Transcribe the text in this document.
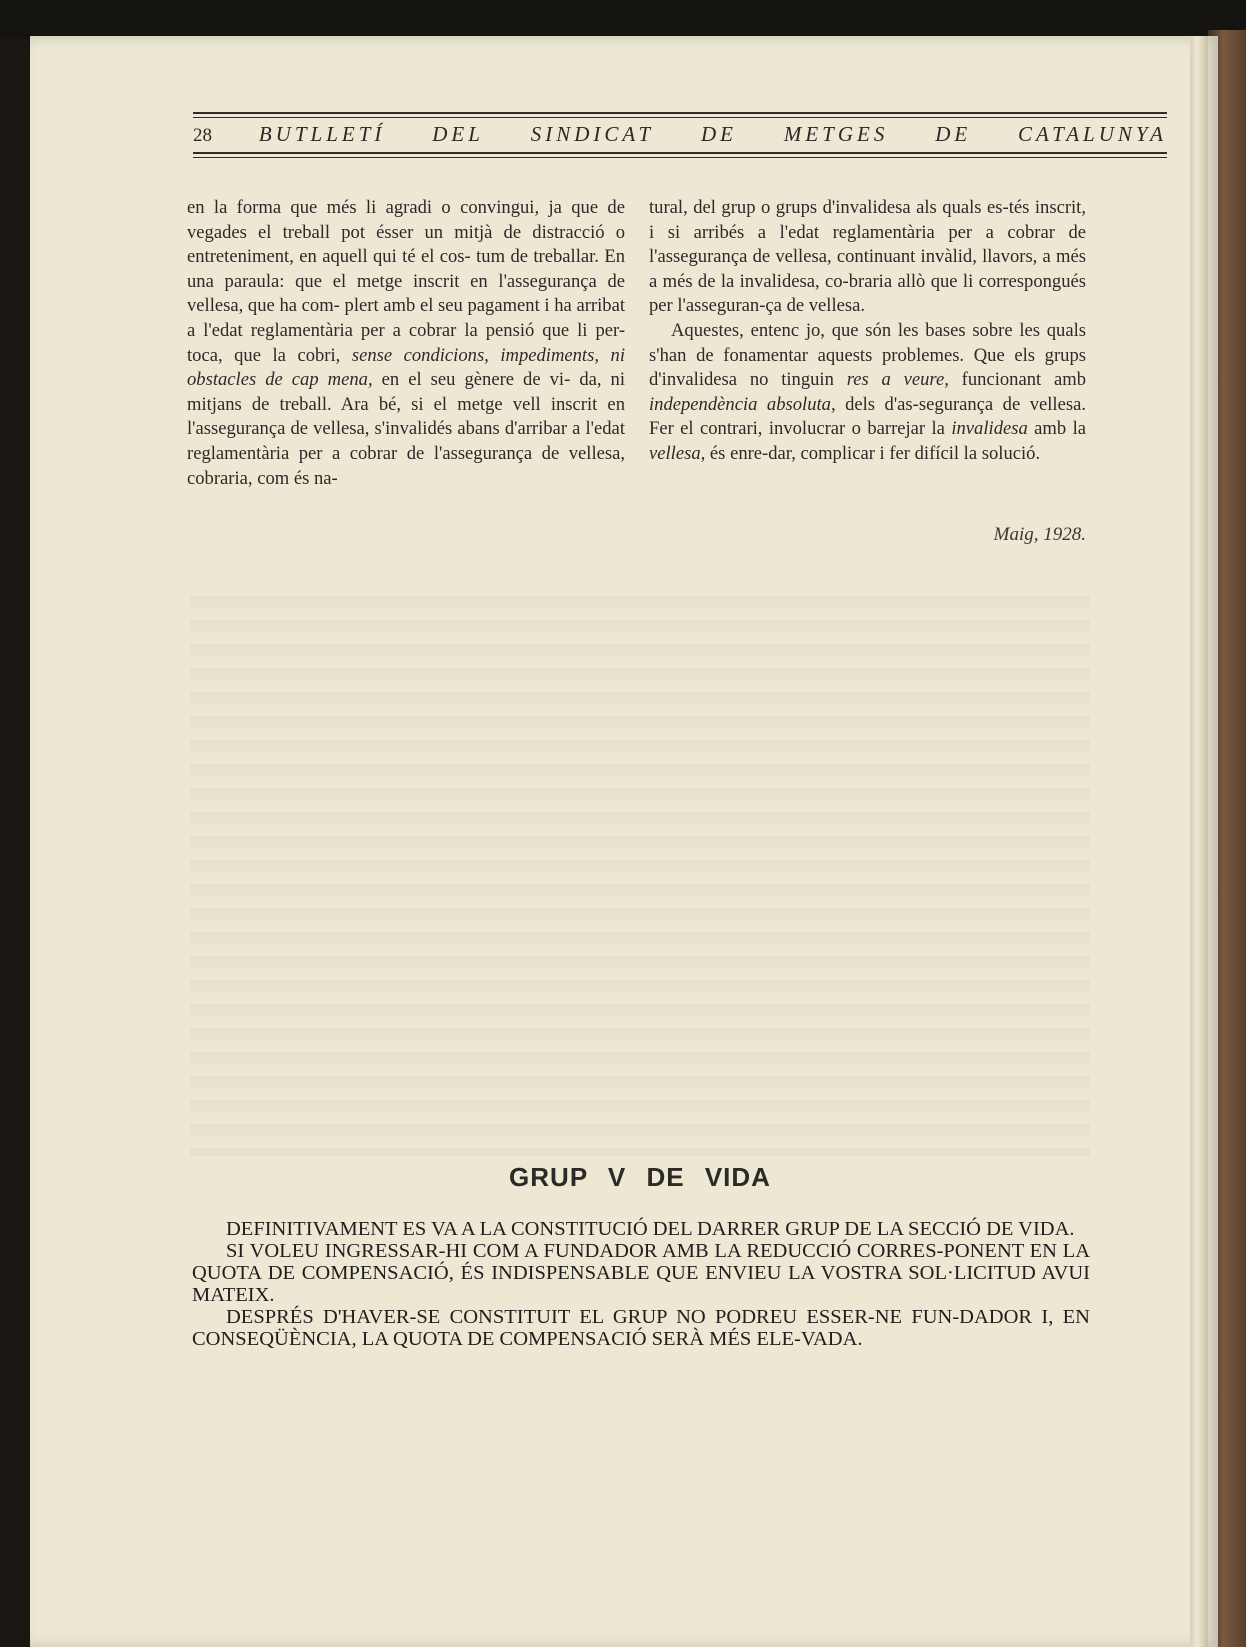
28 BUTLLETÍ DEL SINDICAT DE METGES DE CATALUNYA

en la forma que més li agradi o convingui, ja que de vegades el treball pot ésser un mitjà de distracció o entreteniment, en aquell qui té el cos- tum de treballar. En una paraula: que el metge inscrit en l'assegurança de vellesa, que ha com- plert amb el seu pagament i ha arribat a l'edat reglamentària per a cobrar la pensió que li per- toca, que la cobri, sense condicions, impediments, ni obstacles de cap mena, en el seu gènere de vi- da, ni mitjans de treball. Ara bé, si el metge vell inscrit en l'assegurança de vellesa, s'invalidés abans d'arribar a l'edat reglamentària per a cobrar de l'assegurança de vellesa, cobraria, com és na-

tural, del grup o grups d'invalidesa als quals es-tés inscrit, i si arribés a l'edat reglamentària per a cobrar de l'assegurança de vellesa, continuant invàlid, llavors, a més a més de la invalidesa, co-braria allò que li correspongués per l'asseguran-ça de vellesa.

Aquestes, entenc jo, que són les bases sobre les quals s'han de fonamentar aquests problemes. Que els grups d'invalidesa no tinguin res a veure, funcionant amb independència absoluta, dels d'as-segurança de vellesa. Fer el contrari, involucrar o barrejar la invalidesa amb la vellesa, és enre-dar, complicar i fer difícil la solució.

Maig, 1928.
GRUP V DE VIDA

DEFINITIVAMENT ES VA A LA CONSTITUCIÓ DEL DARRER GRUP DE LA SECCIÓ DE VIDA.

SI VOLEU INGRESSAR-HI COM A FUNDADOR AMB LA REDUCCIÓ CORRES-PONENT EN LA QUOTA DE COMPENSACIÓ, ÉS INDISPENSABLE QUE ENVIEU LA VOSTRA SOL·LICITUD AVUI MATEIX.

DESPRÉS D'HAVER-SE CONSTITUIT EL GRUP NO PODREU ESSER-NE FUN-DADOR I, EN CONSEQÜÈNCIA, LA QUOTA DE COMPENSACIÓ SERÀ MÉS ELE-VADA.
